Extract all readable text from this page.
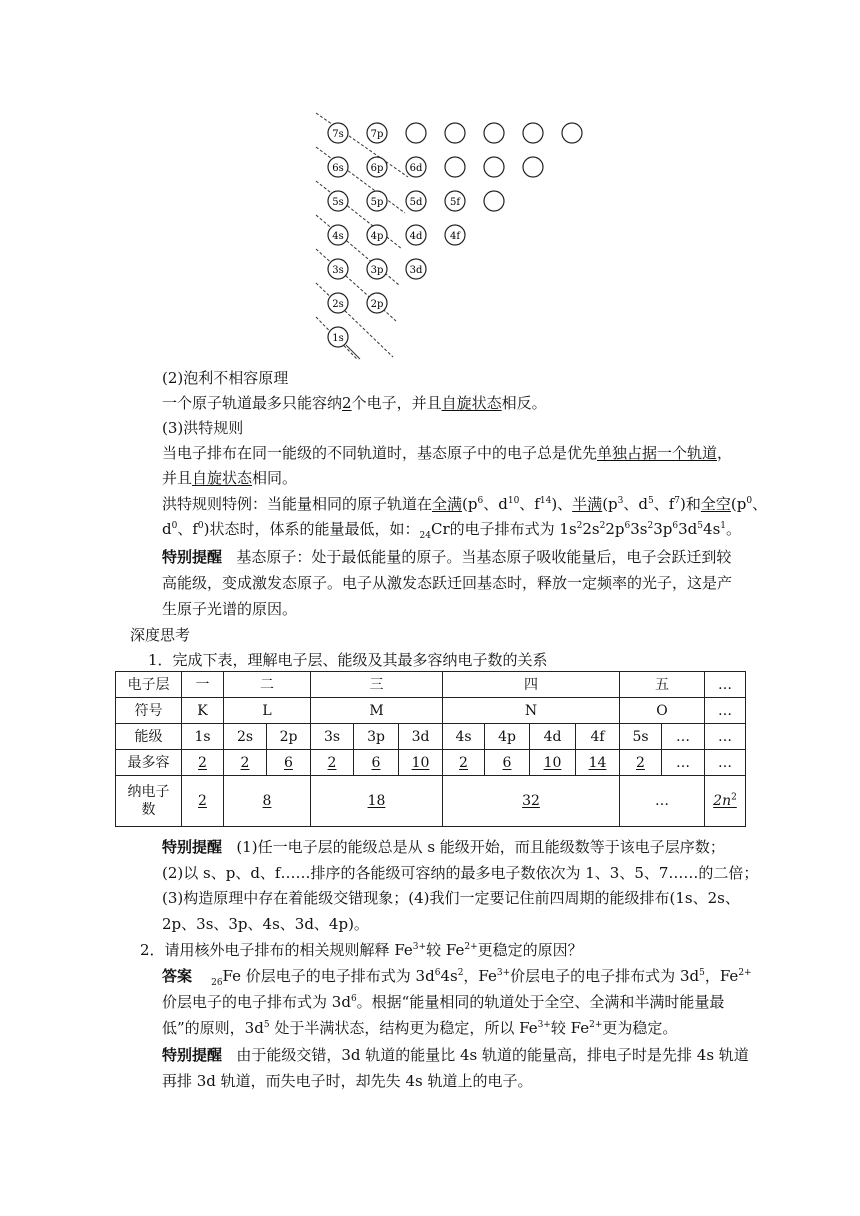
7s	7p
6s	6p	6d
5s	5p	5d	5f
4s	4p	4d	4f
3s	3p	3d
2s	2p
1s
(2)泡利不相容原理
一个原子轨道最多只能容纳2个电子，并且自旋状态相反。
(3)洪特规则
当电子排布在同一能级的不同轨道时，基态原子中的电子总是优先单独占据一个轨道，
并且自旋状态相同。
洪特规则特例：当能量相同的原子轨道在全满($p^6$、$d^{10}$、$f^{14}$)、半满($p^3$、$d^5$、$f^7$)和全空($p^0$、
$d^0$、$f^0$)状态时，体系的能量最低，如：$_{24}$Cr的电子排布式为 $1s^22s^22p^63s^23p^63d^54s^1$。
特别提醒 基态原子：处于最低能量的原子。当基态原子吸收能量后，电子会跃迁到较
高能级，变成激发态原子。电子从激发态跃迁回基态时，释放一定频率的光子，这是产
生原子光谱的原因。
深度思考
1．完成下表，理解电子层、能级及其最多容纳电子数的关系
电子层	一	二		三			四				五		…
符号	K	L		M			N				O		…
能级	1s	2s	2p	3s	3p	3d	4s	4p	4d	4f	5s	…	…
最多容	2	2	6	2	6	10	2	6	10	14	2	…	…
纳电子
数	2	8		18			32				…		$2n^2$
特别提醒 (1)任一电子层的能级总是从 s 能级开始，而且能级数等于该电子层序数；
(2)以 s、p、d、f……排序的各能级可容纳的最多电子数依次为 1、3、5、7……的二倍；
(3)构造原理中存在着能级交错现象；(4)我们一定要记住前四周期的能级排布(1s、2s、
2p、3s、3p、4s、3d、4p)。
2．请用核外电子排布的相关规则解释 $Fe^{3+}$较 $Fe^{2+}$更稳定的原因？
答案 $_{26}$Fe 价层电子的电子排布式为 $3d^64s^2$，$Fe^{3+}$价层电子的电子排布式为 $3d^5$，$Fe^{2+}$
价层电子的电子排布式为 $3d^6$。根据“能量相同的轨道处于全空、全满和半满时能量最
低”的原则，$3d^5$ 处于半满状态，结构更为稳定，所以 $Fe^{3+}$较 $Fe^{2+}$更为稳定。
特别提醒 由于能级交错，3d 轨道的能量比 4s 轨道的能量高，排电子时是先排 4s 轨道
再排 3d 轨道，而失电子时，却先失 4s 轨道上的电子。
